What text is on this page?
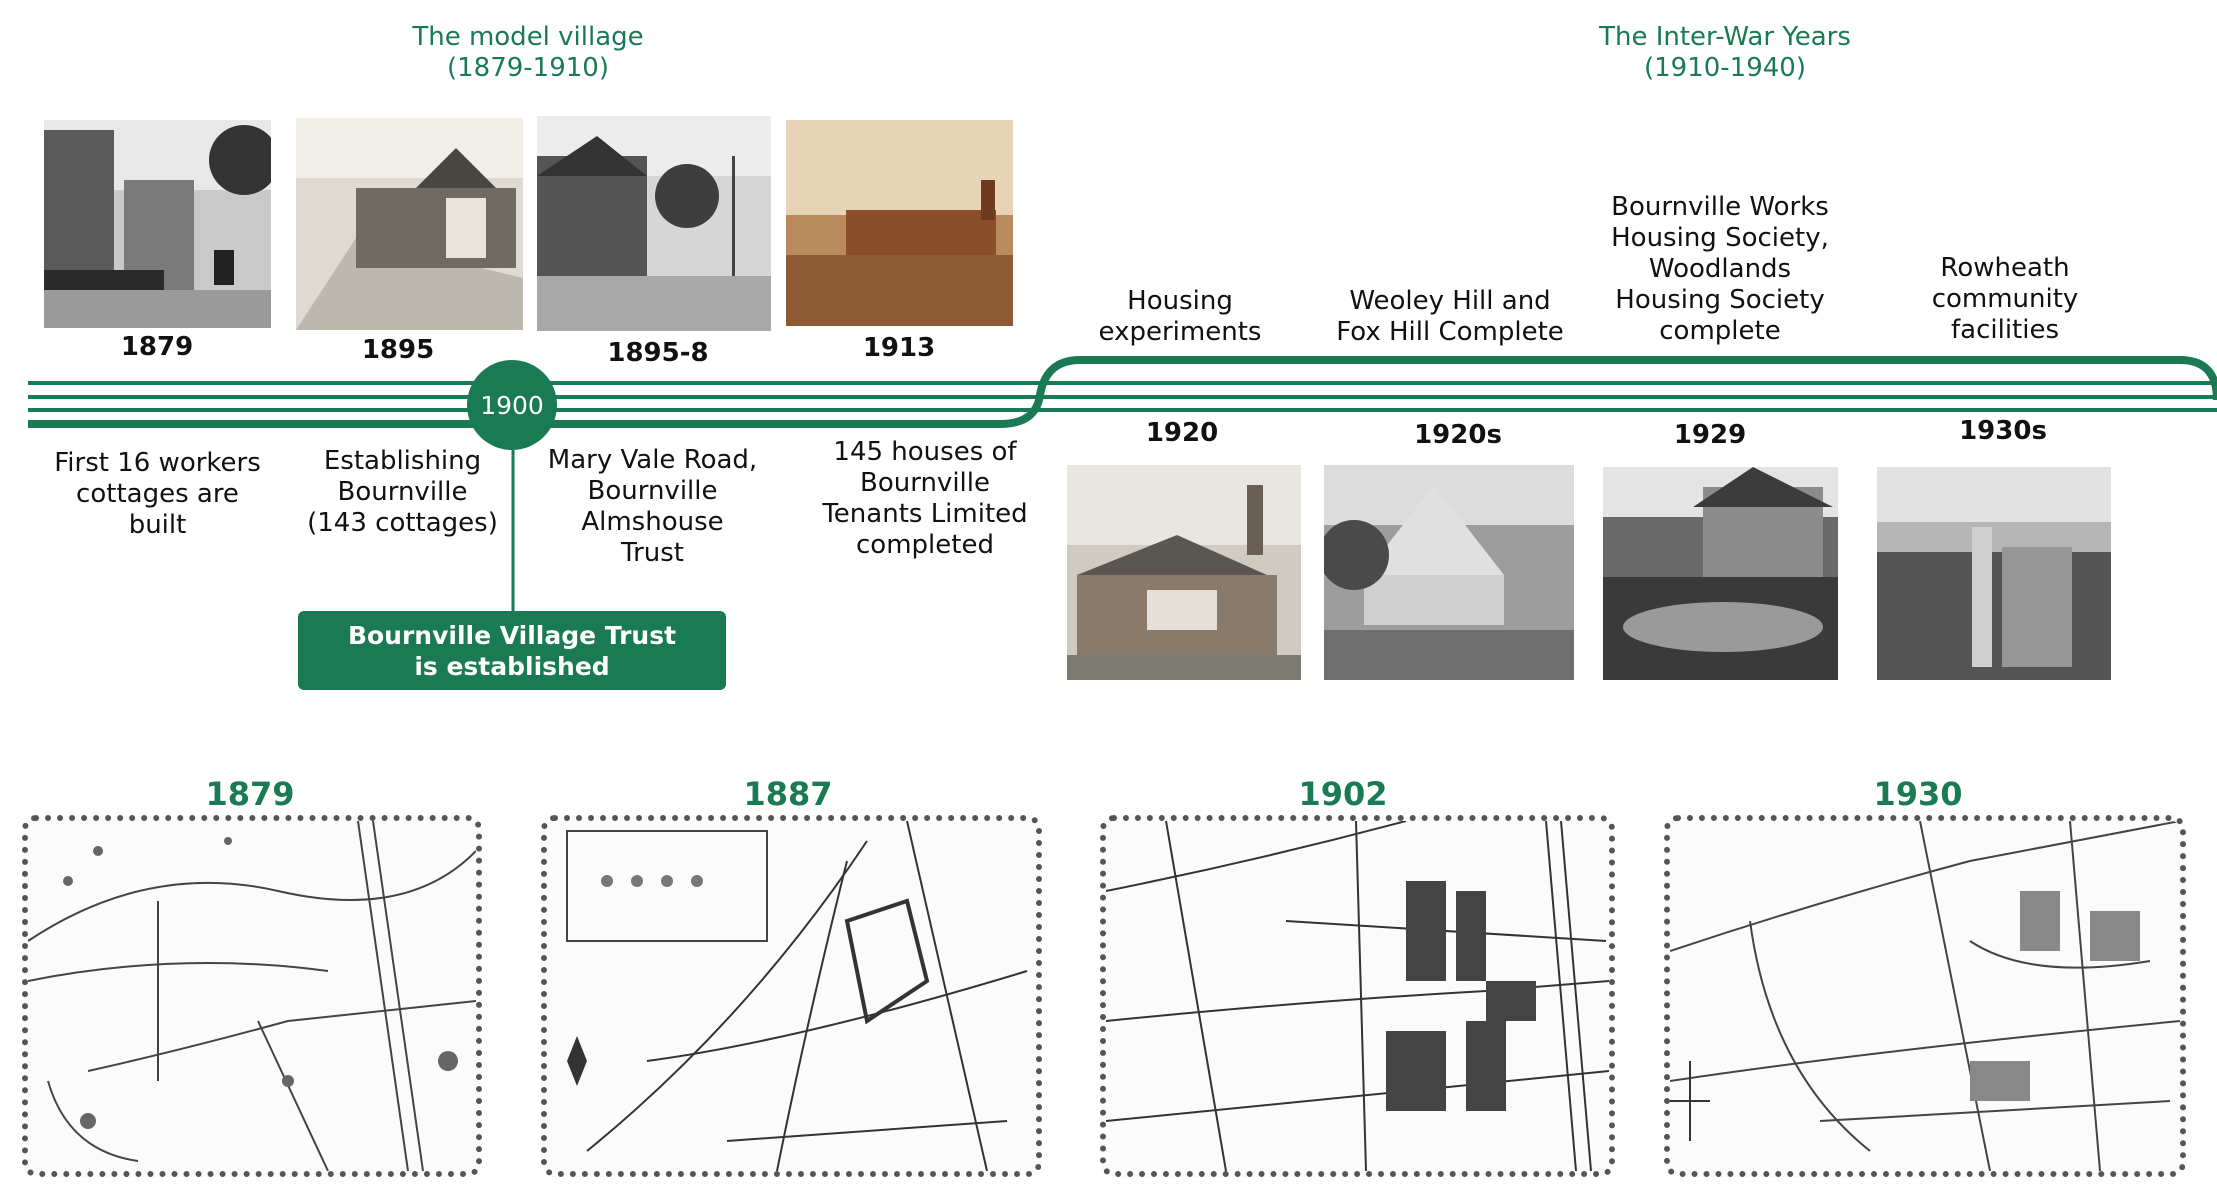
The model village
(1879-1910)
The Inter-War Years
(1910-1940)
1900
Bournville Village Trust is established
1879	1895	1895-8	1913
First 16 workers
cottages are
built
Establishing
Bournville
(143 cottages)
Mary Vale Road,
Bournville
Almshouse
Trust
145 houses of
Bournville
Tenants Limited
completed
Housing
experiments
Weoley Hill and
Fox Hill Complete
Bournville Works
Housing Society,
Woodlands
Housing Society
complete
Rowheath
community
facilities
1920	1920s	1929	1930s
1879	1887	1902	1930
